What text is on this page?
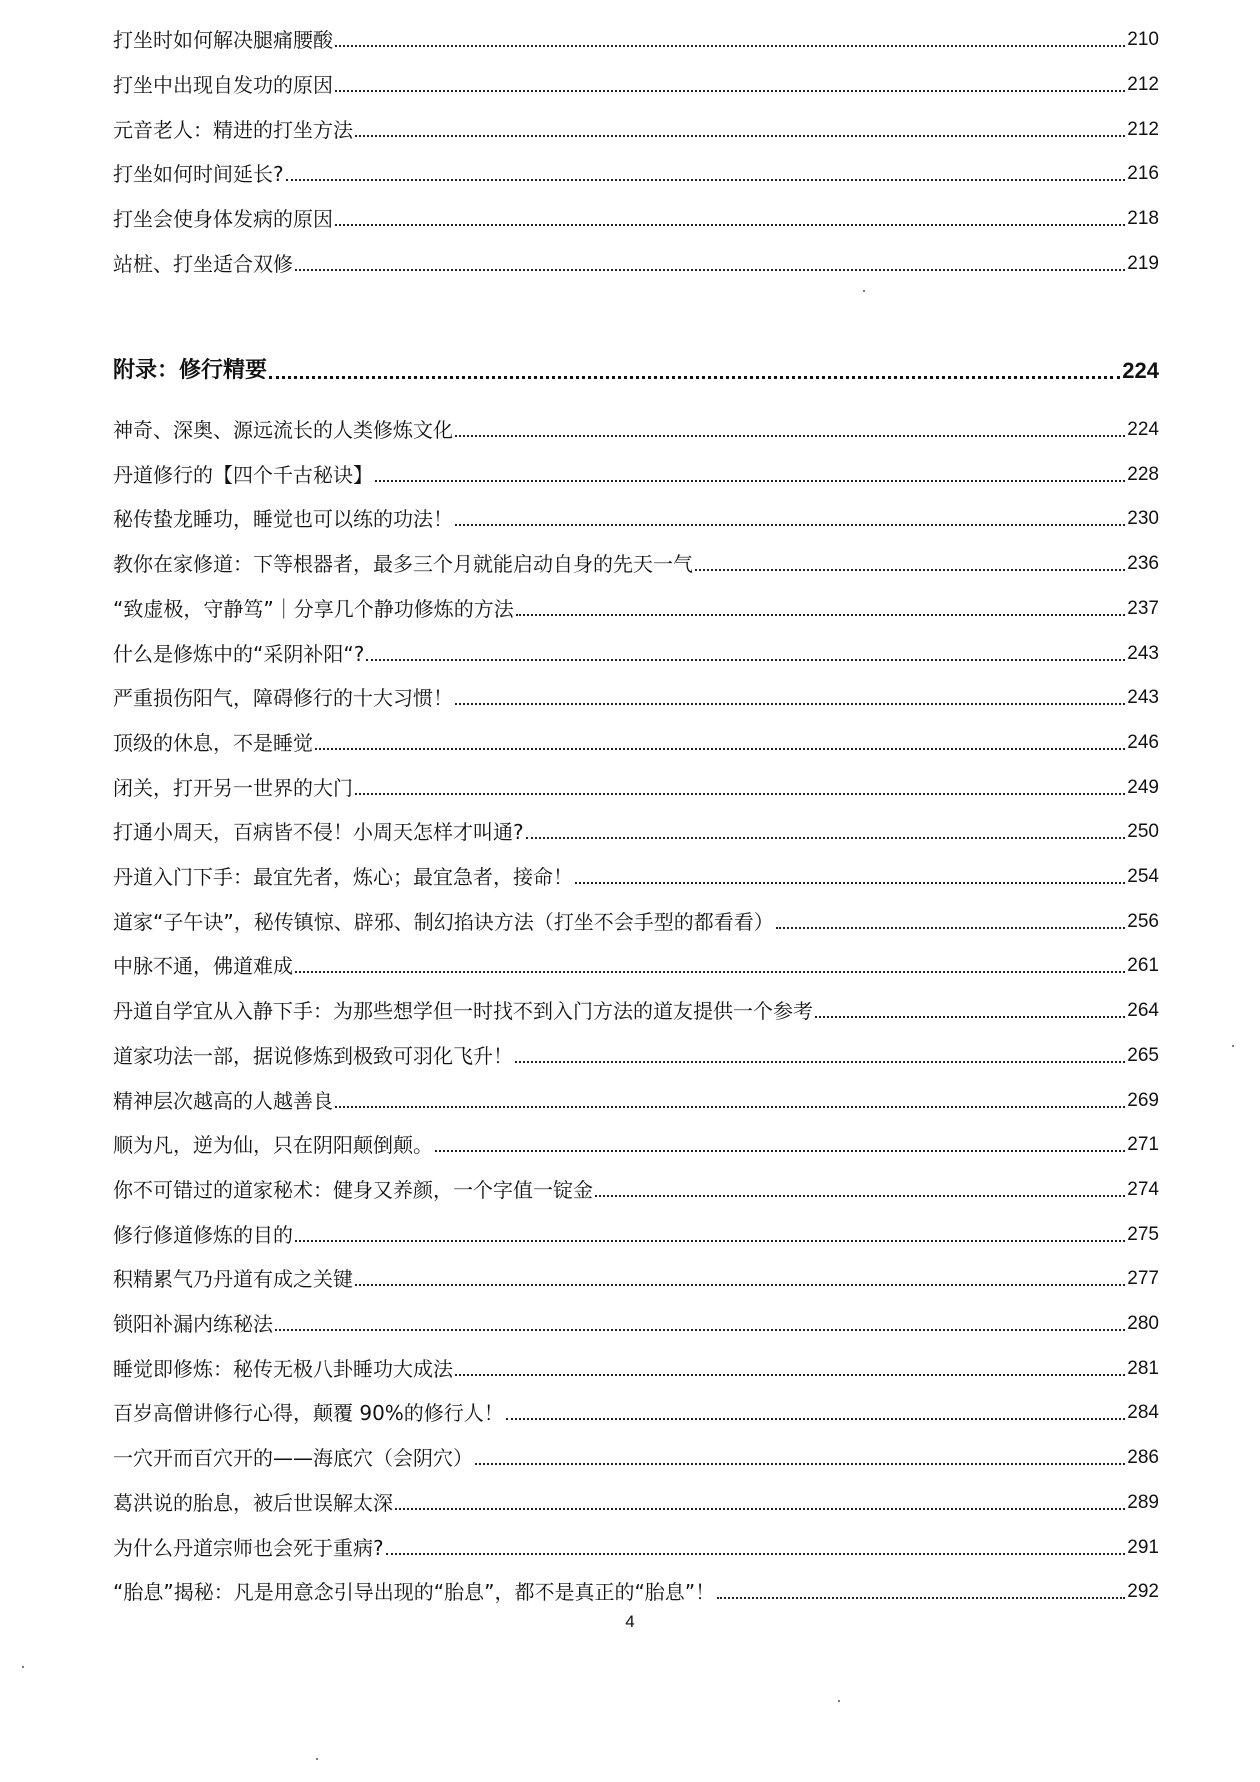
打坐时如何解决腿痛腰酸	210
打坐中出现自发功的原因	212
元音老人：精进的打坐方法	212
打坐如何时间延长?	216
打坐会使身体发病的原因	218
站桩、打坐适合双修	219
附录：修行精要	224
神奇、深奥、源远流长的人类修炼文化	224
丹道修行的【四个千古秘诀】	228
秘传蛰龙睡功，睡觉也可以练的功法！	230
教你在家修道：下等根器者，最多三个月就能启动自身的先天一气	236
“致虚极，守静笃”｜分享几个静功修炼的方法	237
什么是修炼中的“采阴补阳“?	243
严重损伤阳气，障碍修行的十大习惯！	243
顶级的休息，不是睡觉	246
闭关，打开另一世界的大门	249
打通小周天，百病皆不侵！小周天怎样才叫通?	250
丹道入门下手：最宜先者，炼心；最宜急者，接命！	254
道家“子午诀”，秘传镇惊、辟邪、制幻掐诀方法（打坐不会手型的都看看）	256
中脉不通，佛道难成	261
丹道自学宜从入静下手：为那些想学但一时找不到入门方法的道友提供一个参考	264
道家功法一部，据说修炼到极致可羽化飞升！	265
精神层次越高的人越善良	269
顺为凡，逆为仙，只在阴阳颠倒颠。	271
你不可错过的道家秘术：健身又养颜，一个字值一锭金	274
修行修道修炼的目的	275
积精累气乃丹道有成之关键	277
锁阳补漏内练秘法	280
睡觉即修炼：秘传无极八卦睡功大成法	281
百岁高僧讲修行心得，颠覆 90%的修行人！	284
一穴开而百穴开的——海底穴（会阴穴）	286
葛洪说的胎息，被后世误解太深	289
为什么丹道宗师也会死于重病?	291
“胎息”揭秘：凡是用意念引导出现的“胎息”，都不是真正的“胎息”！	292
4
